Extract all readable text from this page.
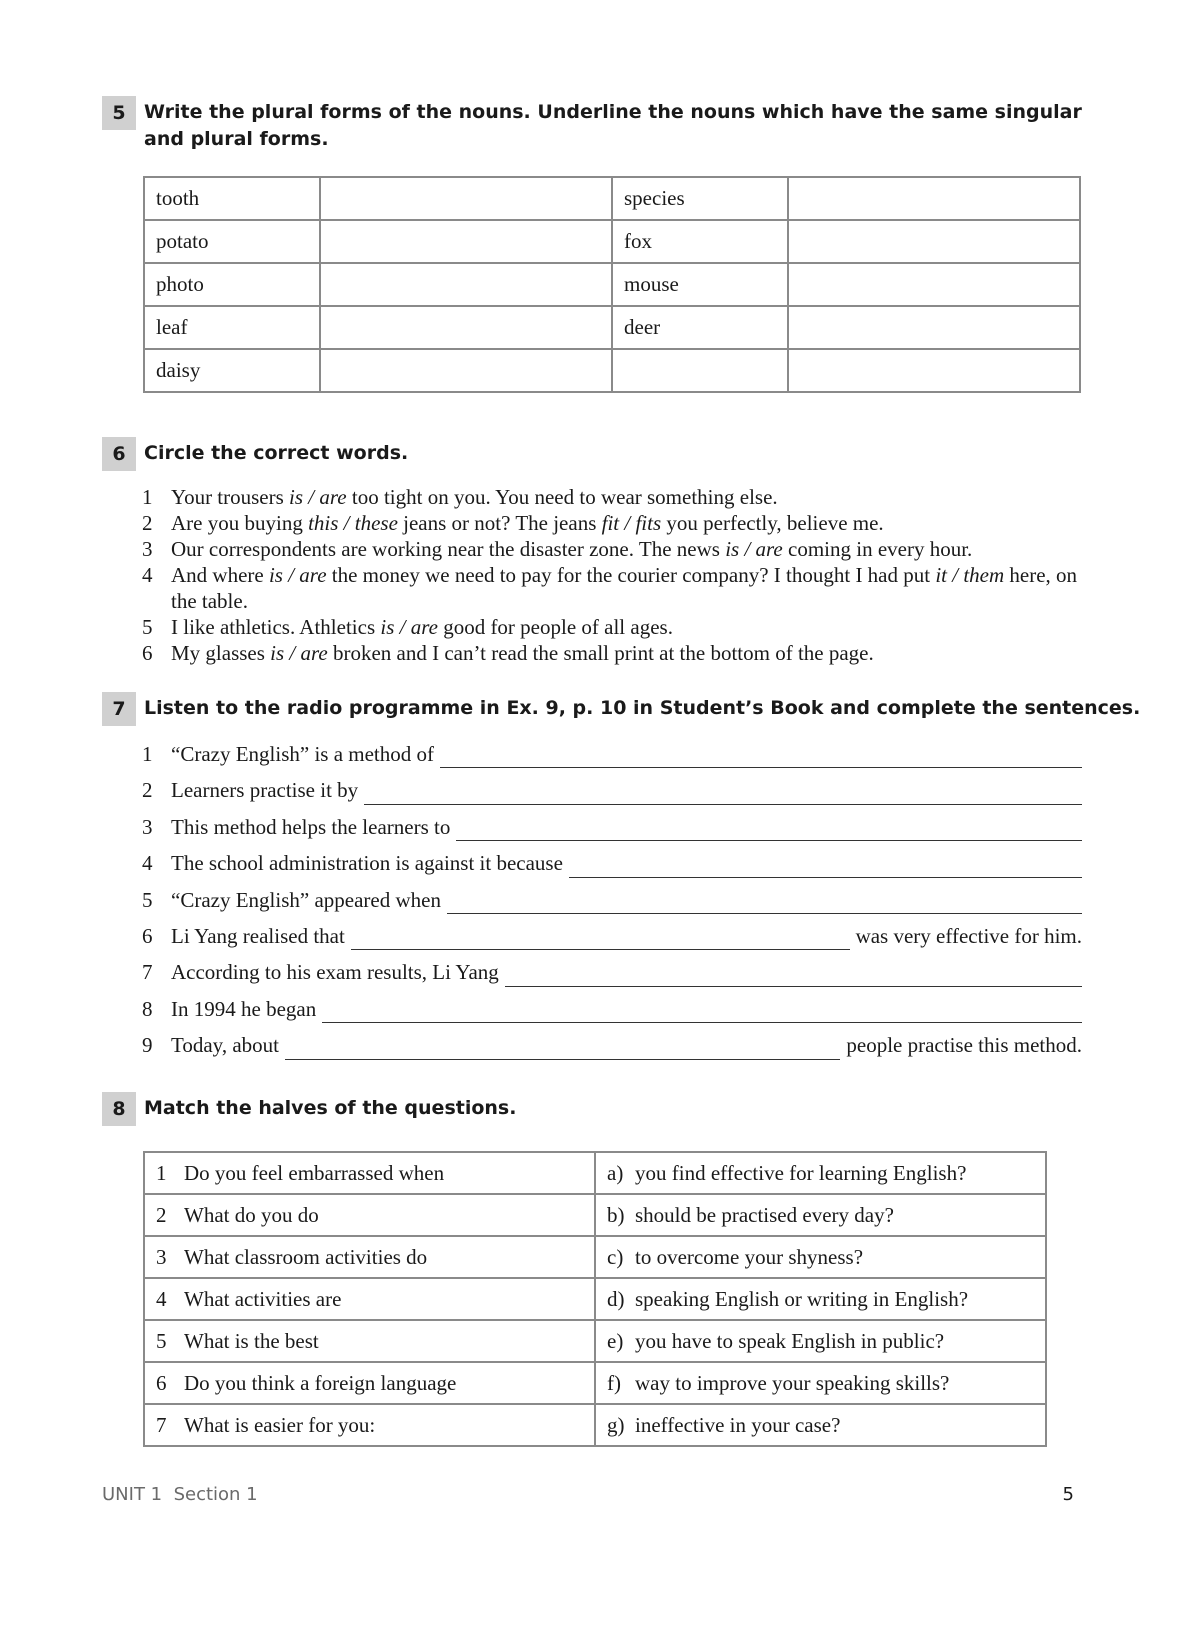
5 Write the plural forms of the nouns. Underline the nouns which have the same singular
and plural forms.
tooth		species	
potato		fox	
photo		mouse	
leaf		deer	
daisy			
6 Circle the correct words.
1 Your trousers is / are too tight on you. You need to wear something else.
2 Are you buying this / these jeans or not? The jeans fit / fits you perfectly, believe me.
3 Our correspondents are working near the disaster zone. The news is / are coming in every hour.
4 And where is / are the money we need to pay for the courier company? I thought I had put it / them here, on the table.
5 I like athletics. Athletics is / are good for people of all ages.
6 My glasses is / are broken and I can’t read the small print at the bottom of the page.
7 Listen to the radio programme in Ex. 9, p. 10 in Student’s Book and complete the sentences.
1 “Crazy English” is a method of
2 Learners practise it by
3 This method helps the learners to
4 The school administration is against it because
5 “Crazy English” appeared when
6 Li Yang realised that	was very effective for him.
7 According to his exam results, Li Yang
8 In 1994 he began
9 Today, about	people practise this method.
8 Match the halves of the questions.
1 Do you feel embarrassed when	a) you find effective for learning English?
2 What do you do	b) should be practised every day?
3 What classroom activities do	c) to overcome your shyness?
4 What activities are	d) speaking English or writing in English?
5 What is the best	e) you have to speak English in public?
6 Do you think a foreign language	f) way to improve your speaking skills?
7 What is easier for you:	g) ineffective in your case?
UNIT 1 Section 1	5
